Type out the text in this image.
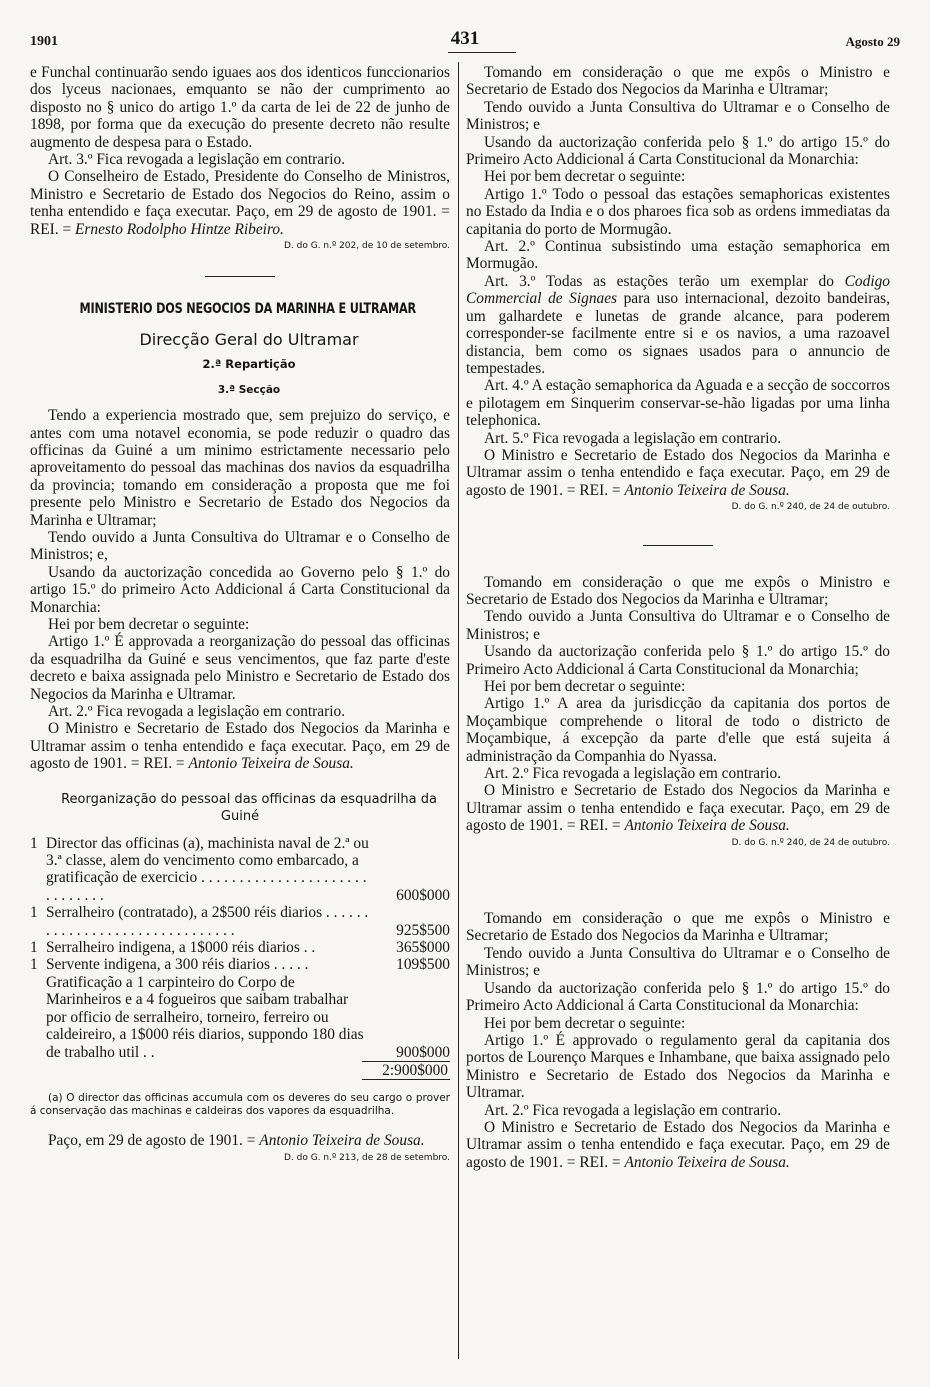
1901	431	Agosto 29

e Funchal continuarão sendo iguaes aos dos identicos funccionarios dos lyceus nacionaes, emquanto se não der cumprimento ao disposto no § unico do artigo 1.º da carta de lei de 22 de junho de 1898, por forma que da execução do presente decreto não resulte augmento de despesa para o Estado.

Art. 3.º Fica revogada a legislação em contrario.

O Conselheiro de Estado, Presidente do Conselho de Ministros, Ministro e Secretario de Estado dos Negocios do Reino, assim o tenha entendido e faça executar. Paço, em 29 de agosto de 1901. = REI. = Ernesto Rodolpho Hintze Ribeiro.

D. do G. n.º 202, de 10 de setembro.

MINISTERIO DOS NEGOCIOS DA MARINHA E ULTRAMAR

Direcção Geral do Ultramar

2.ª Repartição

3.ª Secção

Tendo a experiencia mostrado que, sem prejuizo do serviço, e antes com uma notavel economia, se pode reduzir o quadro das officinas da Guiné a um minimo estrictamente necessario pelo aproveitamento do pessoal das machinas dos navios da esquadrilha da provincia; tomando em consideração a proposta que me foi presente pelo Ministro e Secretario de Estado dos Negocios da Marinha e Ultramar;

Tendo ouvido a Junta Consultiva do Ultramar e o Conselho de Ministros; e,

Usando da auctorização concedida ao Governo pelo § 1.º do artigo 15.º do primeiro Acto Addicional á Carta Constitucional da Monarchia:

Hei por bem decretar o seguinte:

Artigo 1.º É approvada a reorganização do pessoal das officinas da esquadrilha da Guiné e seus vencimentos, que faz parte d'este decreto e baixa assignada pelo Ministro e Secretario de Estado dos Negocios da Marinha e Ultramar.

Art. 2.º Fica revogada a legislação em contrario.

O Ministro e Secretario de Estado dos Negocios da Marinha e Ultramar assim o tenha entendido e faça executar. Paço, em 29 de agosto de 1901. = REI. = Antonio Teixeira de Sousa.

Reorganização do pessoal das officinas da esquadrilha da Guiné

1 Director das officinas (a), machinista naval de 2.ª ou 3.ª classe, alem do vencimento como embarcado, a gratificação de exercicio . . . . . . . . . . . . . . . . . . . . . . . . . . . . . .	600$000
1 Serralheiro (contratado), a 2$500 réis diarios . . . . . . . . . . . . . . . . . . . . . . . . . . . . . . .	925$500
1 Serralheiro indigena, a 1$000 réis diarios . .	365$000
1 Servente indigena, a 300 réis diarios . . . . .	109$500
Gratificação a 1 carpinteiro do Corpo de Marinheiros e a 4 fogueiros que saibam trabalhar por officio de serralheiro, torneiro, ferreiro ou caldeireiro, a 1$000 réis diarios, suppondo 180 dias de trabalho util . .	900$000

2:900$000

(a) O director das officinas accumula com os deveres do seu cargo o prover á conservação das machinas e caldeiras dos vapores da esquadrilha.

Paço, em 29 de agosto de 1901. = Antonio Teixeira de Sousa.

D. do G. n.º 213, de 28 de setembro.

Tomando em consideração o que me expôs o Ministro e Secretario de Estado dos Negocios da Marinha e Ultramar;

Tendo ouvido a Junta Consultiva do Ultramar e o Conselho de Ministros; e

Usando da auctorização conferida pelo § 1.º do artigo 15.º do Primeiro Acto Addicional á Carta Constitucional da Monarchia:

Hei por bem decretar o seguinte:

Artigo 1.º Todo o pessoal das estações semaphoricas existentes no Estado da India e o dos pharoes fica sob as ordens immediatas da capitania do porto de Mormugão.

Art. 2.º Continua subsistindo uma estação semaphorica em Mormugão.

Art. 3.º Todas as estações terão um exemplar do Codigo Commercial de Signaes para uso internacional, dezoito bandeiras, um galhardete e lunetas de grande alcance, para poderem corresponder-se facilmente entre si e os navios, a uma razoavel distancia, bem como os signaes usados para o annuncio de tempestades.

Art. 4.º A estação semaphorica da Aguada e a secção de soccorros e pilotagem em Sinquerim conservar-se-hão ligadas por uma linha telephonica.

Art. 5.º Fica revogada a legislação em contrario.

O Ministro e Secretario de Estado dos Negocios da Marinha e Ultramar assim o tenha entendido e faça executar. Paço, em 29 de agosto de 1901. = REI. = Antonio Teixeira de Sousa.

D. do G. n.º 240, de 24 de outubro.

Tomando em consideração o que me expôs o Ministro e Secretario de Estado dos Negocios da Marinha e Ultramar;

Tendo ouvido a Junta Consultiva do Ultramar e o Conselho de Ministros; e

Usando da auctorização conferida pelo § 1.º do artigo 15.º do Primeiro Acto Addicional á Carta Constitucional da Monarchia;

Hei por bem decretar o seguinte:

Artigo 1.º A area da jurisdicção da capitania dos portos de Moçambique comprehende o litoral de todo o districto de Moçambique, á excepção da parte d'elle que está sujeita á administração da Companhia do Nyassa.

Art. 2.º Fica revogada a legislação em contrario.

O Ministro e Secretario de Estado dos Negocios da Marinha e Ultramar assim o tenha entendido e faça executar. Paço, em 29 de agosto de 1901. = REI. = Antonio Teixeira de Sousa.

D. do G. n.º 240, de 24 de outubro.

Tomando em consideração o que me expôs o Ministro e Secretario de Estado dos Negocios da Marinha e Ultramar;

Tendo ouvido a Junta Consultiva do Ultramar e o Conselho de Ministros; e

Usando da auctorização conferida pelo § 1.º do artigo 15.º do Primeiro Acto Addicional á Carta Constitucional da Monarchia:

Hei por bem decretar o seguinte:

Artigo 1.º É approvado o regulamento geral da capitania dos portos de Lourenço Marques e Inhambane, que baixa assignado pelo Ministro e Secretario de Estado dos Negocios da Marinha e Ultramar.

Art. 2.º Fica revogada a legislação em contrario.

O Ministro e Secretario de Estado dos Negocios da Marinha e Ultramar assim o tenha entendido e faça executar. Paço, em 29 de agosto de 1901. = REI. = Antonio Teixeira de Sousa.
